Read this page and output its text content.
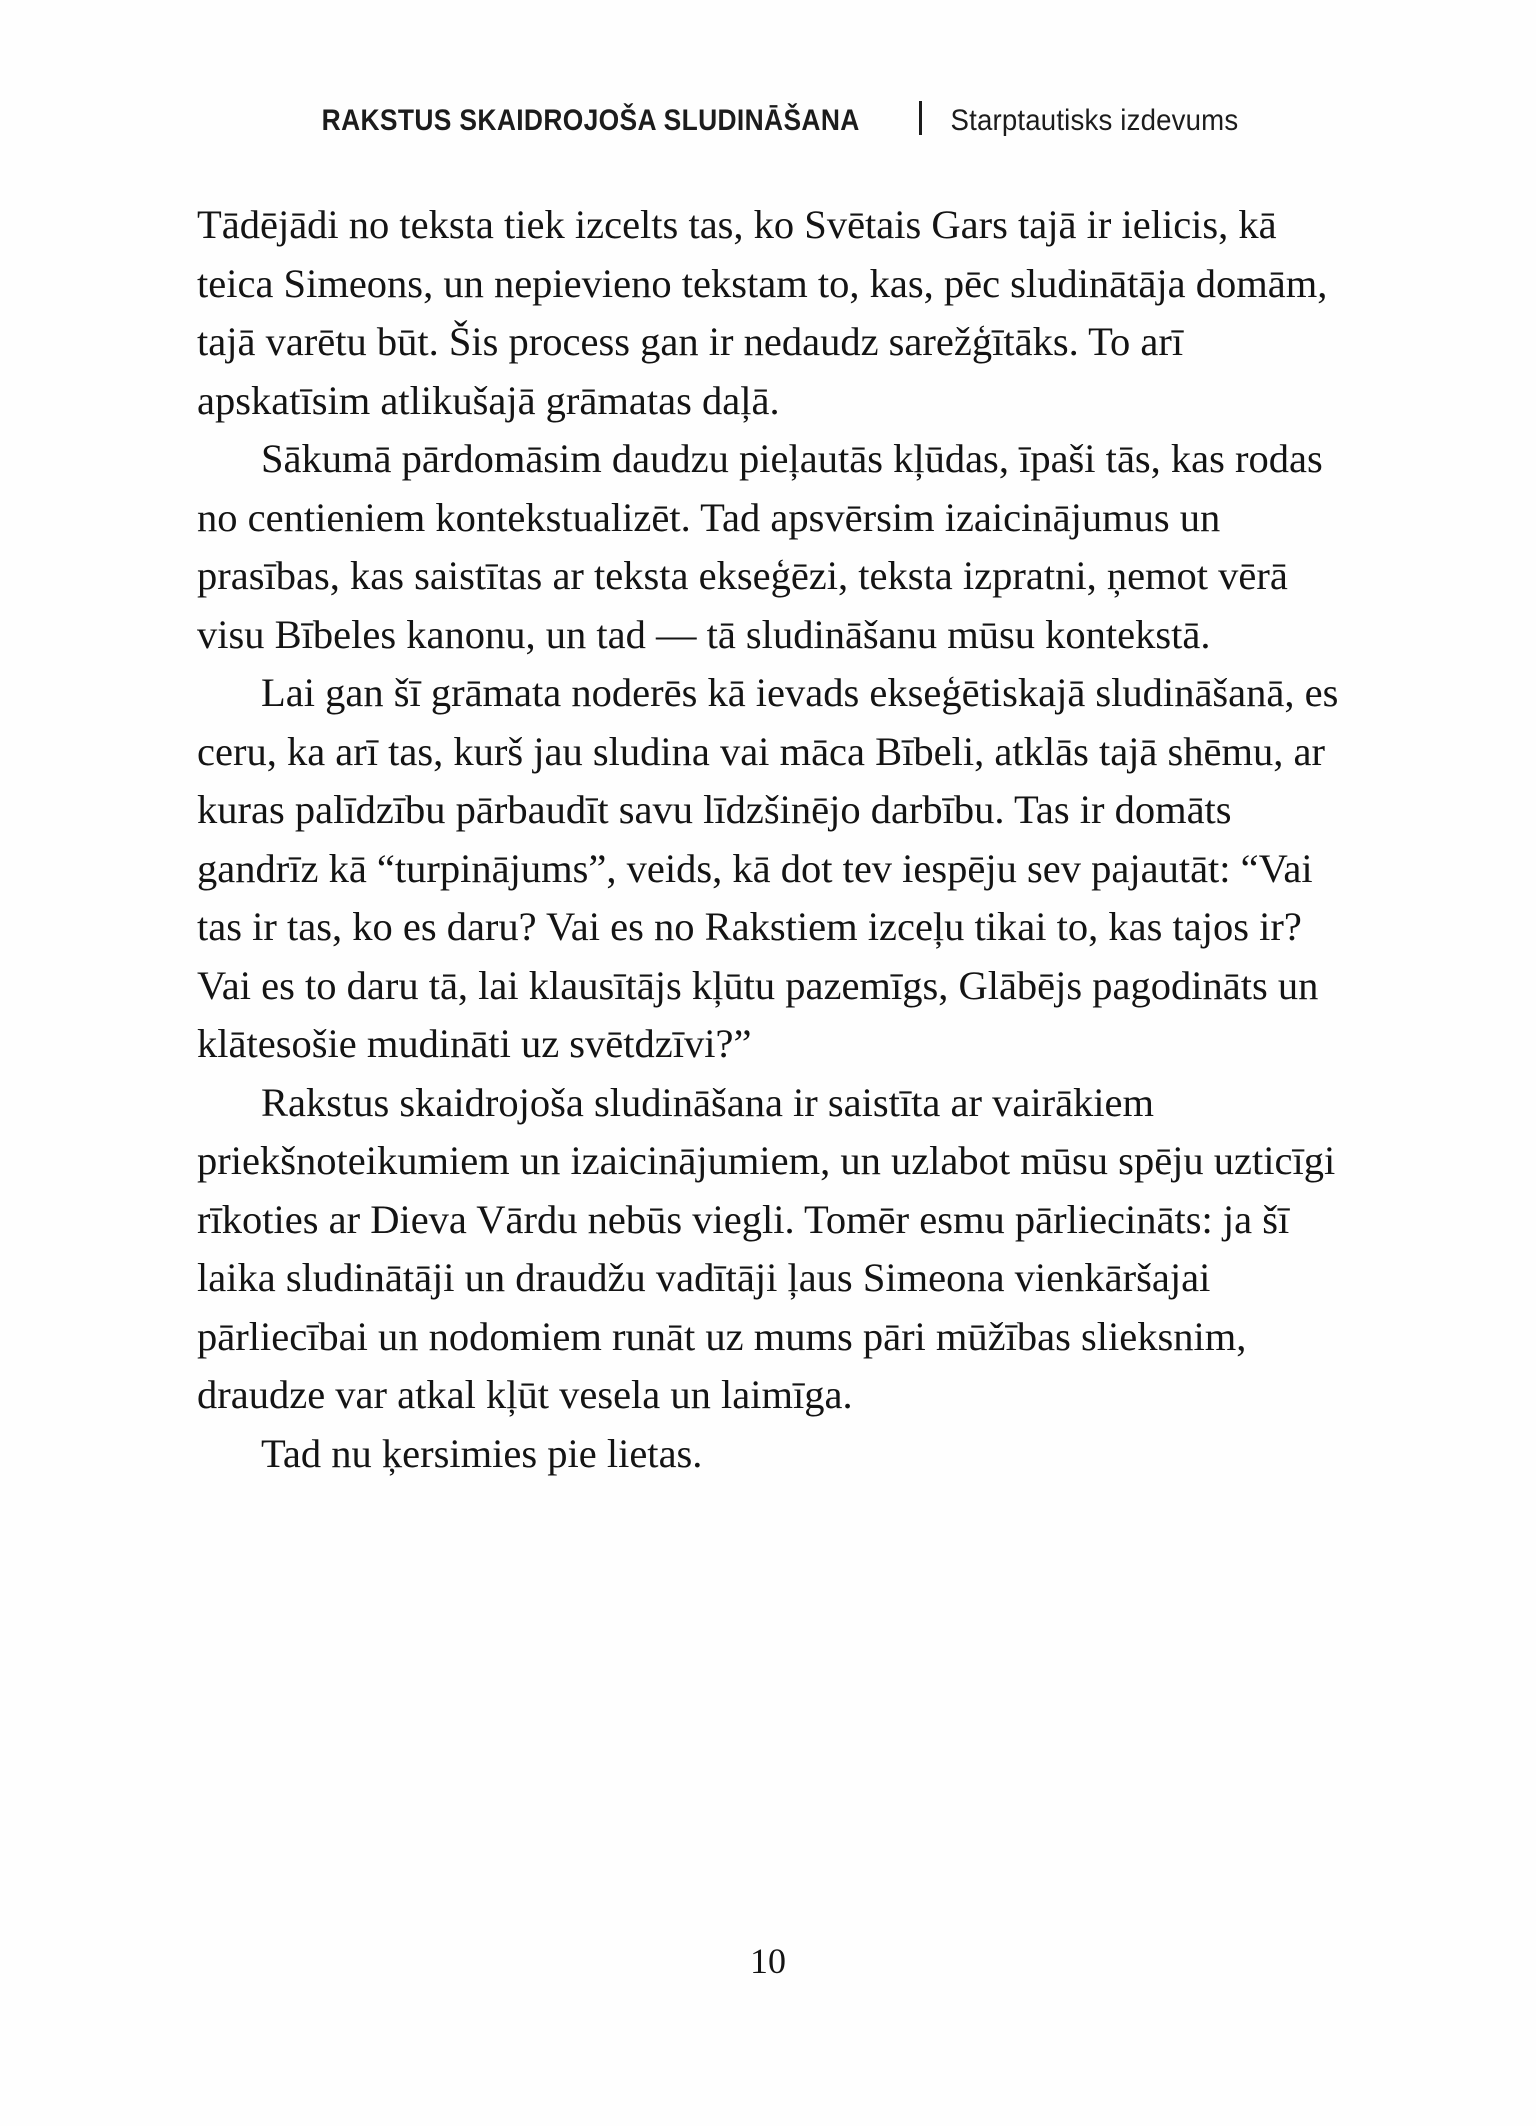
RAKSTUS SKAIDROJOŠA SLUDINĀŠANA	Starptautisks izdevums

Tādējādi no teksta tiek izcelts tas, ko Svētais Gars tajā ir ielicis, kā teica Simeons, un nepievieno tekstam to, kas, pēc sludinātāja domām, tajā varētu būt. Šis process gan ir nedaudz sarežģītāks. To arī apskatīsim atlikušajā grāmatas daļā.

Sākumā pārdomāsim daudzu pieļautās kļūdas, īpaši tās, kas rodas no centieniem kontekstualizēt. Tad apsvērsim izaicinājumus un prasības, kas saistītas ar teksta ekseģēzi, teksta izpratni, ņemot vērā visu Bībeles kanonu, un tad — tā sludināšanu mūsu kontekstā.

Lai gan šī grāmata noderēs kā ievads ekseģētiskajā sludināšanā, es ceru, ka arī tas, kurš jau sludina vai māca Bībeli, atklās tajā shēmu, ar kuras palīdzību pārbaudīt savu līdzšinējo darbību. Tas ir domāts gandrīz kā “turpinājums”, veids, kā dot tev iespēju sev pajautāt: “Vai tas ir tas, ko es daru? Vai es no Rakstiem izceļu tikai to, kas tajos ir? Vai es to daru tā, lai klausītājs kļūtu pazemīgs, Glābējs pagodināts un klātesošie mudināti uz svētdzīvi?”

Rakstus skaidrojoša sludināšana ir saistīta ar vairākiem priekšnoteikumiem un izaicinājumiem, un uzlabot mūsu spēju uzticīgi rīkoties ar Dieva Vārdu nebūs viegli. Tomēr esmu pārliecināts: ja šī laika sludinātāji un draudžu vadītāji ļaus Simeona vienkāršajai pārliecībai un nodomiem runāt uz mums pāri mūžības slieksnim, draudze var atkal kļūt vesela un laimīga.

Tad nu ķersimies pie lietas.

10
